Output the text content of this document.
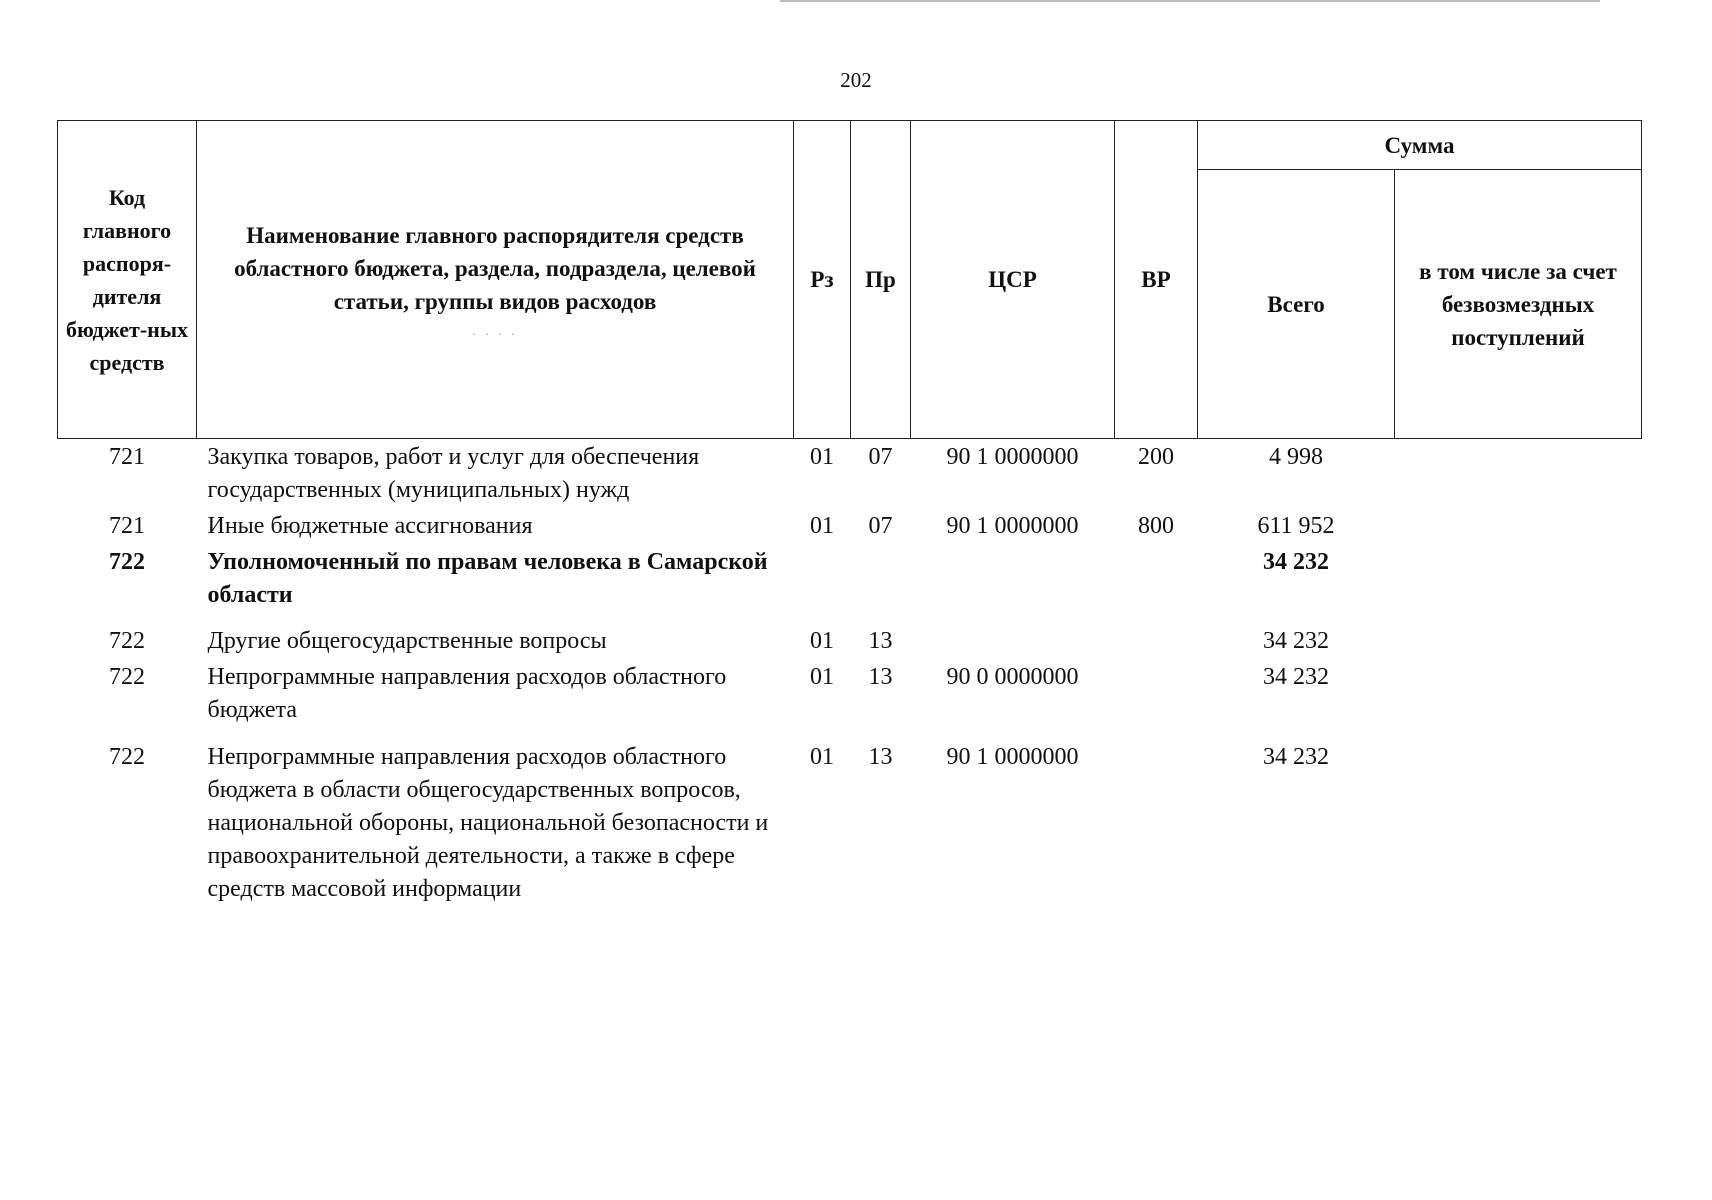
202
Код главного распоря-дителя бюджет-ных средств	Наименование главного распорядителя средств областного бюджета, раздела, подраздела, целевой статьи, группы видов расходов
· · · ·	Рз	Пр	ЦСР	ВР	Сумма	
						Всего	в том числе за счет безвозмездных поступлений
721	Закупка товаров, работ и услуг для обеспечения государственных (муниципальных) нужд	01	07	90 1 0000000	200	4 998	
721	Иные бюджетные ассигнования	01	07	90 1 0000000	800	611 952	
722	Уполномоченный по правам человека в Самарской области					34 232	
722	Другие общегосударственные вопросы	01	13			34 232	
722	Непрограммные направления расходов областного бюджета	01	13	90 0 0000000		34 232	
722	Непрограммные направления расходов областного бюджета в области общегосударственных вопросов, национальной обороны, национальной безопасности и правоохранительной деятельности, а также в сфере средств массовой информации	01	13	90 1 0000000		34 232	
